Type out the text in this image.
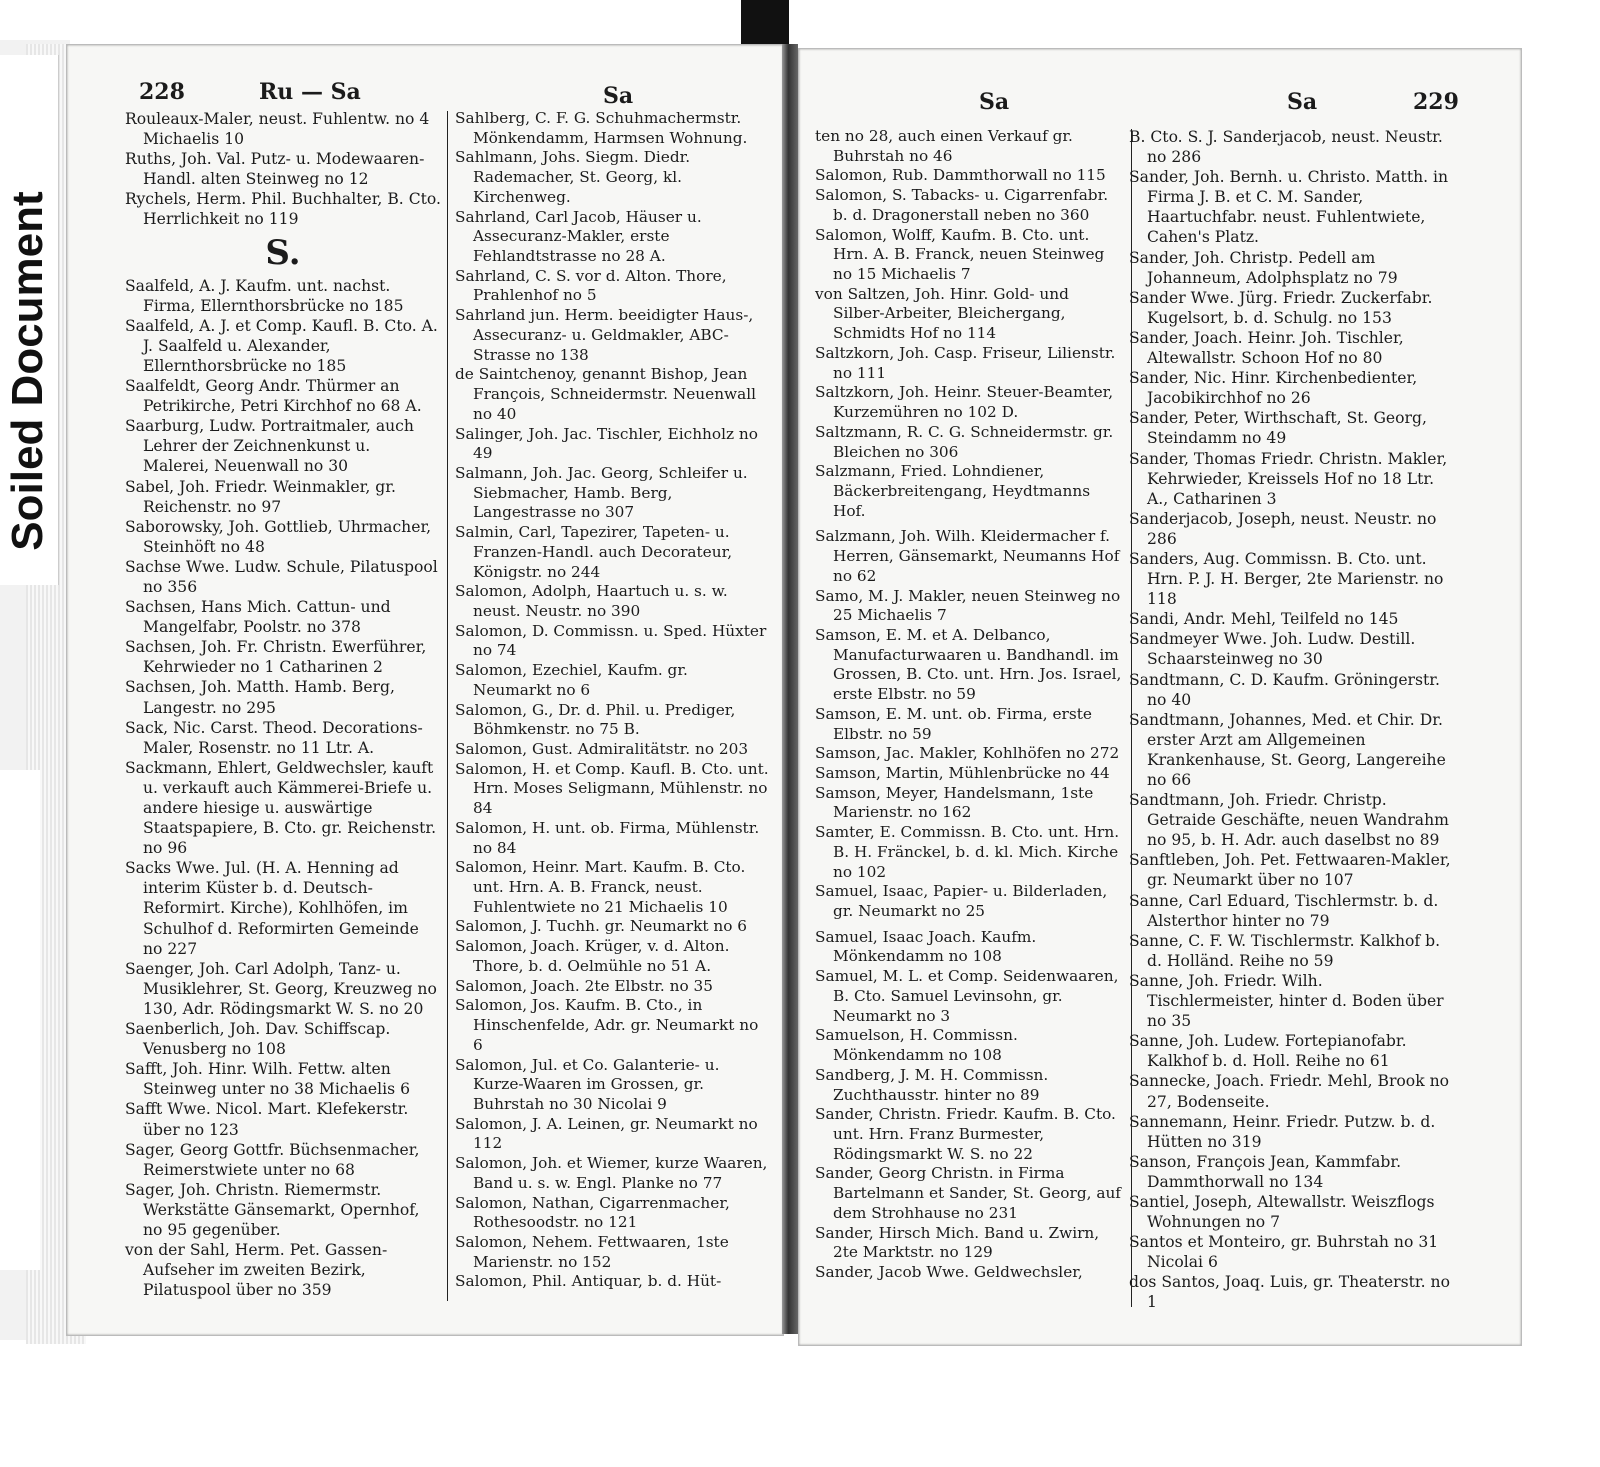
Soiled Document
228	Ru — Sa	Sa

Rouleaux-Maler, neust. Fuhlentw. no 4 Michaelis 10

Ruths, Joh. Val. Putz- u. Modewaaren-Handl. alten Steinweg no 12

Rychels, Herm. Phil. Buchhalter, B. Cto. Herrlichkeit no 119

S.

Saalfeld, A. J. Kaufm. unt. nachst. Firma, Ellernthorsbrücke no 185

Saalfeld, A. J. et Comp. Kaufl. B. Cto. A. J. Saalfeld u. Alexander, Ellernthorsbrücke no 185

Saalfeldt, Georg Andr. Thürmer an Petrikirche, Petri Kirchhof no 68 A.

Saarburg, Ludw. Portraitmaler, auch Lehrer der Zeichnenkunst u. Malerei, Neuenwall no 30

Sabel, Joh. Friedr. Weinmakler, gr. Reichenstr. no 97

Saborowsky, Joh. Gottlieb, Uhrmacher, Steinhöft no 48

Sachse Wwe. Ludw. Schule, Pilatuspool no 356

Sachsen, Hans Mich. Cattun- und Mangelfabr, Poolstr. no 378

Sachsen, Joh. Fr. Christn. Ewerführer, Kehrwieder no 1 Catharinen 2

Sachsen, Joh. Matth. Hamb. Berg, Langestr. no 295

Sack, Nic. Carst. Theod. Decorations-Maler, Rosenstr. no 11 Ltr. A.

Sackmann, Ehlert, Geldwechsler, kauft u. verkauft auch Kämmerei-Briefe u. andere hiesige u. auswärtige Staatspapiere, B. Cto. gr. Reichenstr. no 96

Sacks Wwe. Jul. (H. A. Henning ad interim Küster b. d. Deutsch-Reformirt. Kirche), Kohlhöfen, im Schulhof d. Reformirten Gemeinde no 227

Saenger, Joh. Carl Adolph, Tanz- u. Musiklehrer, St. Georg, Kreuzweg no 130, Adr. Rödingsmarkt W. S. no 20

Saenberlich, Joh. Dav. Schiffscap. Venusberg no 108

Safft, Joh. Hinr. Wilh. Fettw. alten Steinweg unter no 38 Michaelis 6

Safft Wwe. Nicol. Mart. Klefekerstr. über no 123

Sager, Georg Gottfr. Büchsenmacher, Reimerstwiete unter no 68

Sager, Joh. Christn. Riemermstr. Werkstätte Gänsemarkt, Opernhof, no 95 gegenüber.

von der Sahl, Herm. Pet. Gassen-Aufseher im zweiten Bezirk, Pilatuspool über no 359

Sahlberg, C. F. G. Schuhmachermstr. Mönkendamm, Harmsen Wohnung.

Sahlmann, Johs. Siegm. Diedr. Rademacher, St. Georg, kl. Kirchenweg.

Sahrland, Carl Jacob, Häuser u. Assecuranz-Makler, erste Fehlandtstrasse no 28 A.

Sahrland, C. S. vor d. Alton. Thore, Prahlenhof no 5

Sahrland jun. Herm. beeidigter Haus-, Assecuranz- u. Geldmakler, ABC-Strasse no 138

de Saintchenoy, genannt Bishop, Jean François, Schneidermstr. Neuenwall no 40

Salinger, Joh. Jac. Tischler, Eichholz no 49

Salmann, Joh. Jac. Georg, Schleifer u. Siebmacher, Hamb. Berg, Langestrasse no 307

Salmin, Carl, Tapezirer, Tapeten- u. Franzen-Handl. auch Decorateur, Königstr. no 244

Salomon, Adolph, Haartuch u. s. w. neust. Neustr. no 390

Salomon, D. Commissn. u. Sped. Hüxter no 74

Salomon, Ezechiel, Kaufm. gr. Neumarkt no 6

Salomon, G., Dr. d. Phil. u. Prediger, Böhmkenstr. no 75 B.

Salomon, Gust. Admiralitätstr. no 203

Salomon, H. et Comp. Kaufl. B. Cto. unt. Hrn. Moses Seligmann, Mühlenstr. no 84

Salomon, H. unt. ob. Firma, Mühlenstr. no 84

Salomon, Heinr. Mart. Kaufm. B. Cto. unt. Hrn. A. B. Franck, neust. Fuhlentwiete no 21 Michaelis 10

Salomon, J. Tuchh. gr. Neumarkt no 6

Salomon, Joach. Krüger, v. d. Alton. Thore, b. d. Oelmühle no 51 A.

Salomon, Joach. 2te Elbstr. no 35

Salomon, Jos. Kaufm. B. Cto., in Hinschenfelde, Adr. gr. Neumarkt no 6

Salomon, Jul. et Co. Galanterie- u. Kurze-Waaren im Grossen, gr. Buhrstah no 30 Nicolai 9

Salomon, J. A. Leinen, gr. Neumarkt no 112

Salomon, Joh. et Wiemer, kurze Waaren, Band u. s. w. Engl. Planke no 77

Salomon, Nathan, Cigarrenmacher, Rothesoodstr. no 121

Salomon, Nehem. Fettwaaren, 1ste Marienstr. no 152

Salomon, Phil. Antiquar, b. d. Hüt-

Sa	Sa	229

ten no 28, auch einen Verkauf gr. Buhrstah no 46

Salomon, Rub. Dammthorwall no 115

Salomon, S. Tabacks- u. Cigarrenfabr. b. d. Dragonerstall neben no 360

Salomon, Wolff, Kaufm. B. Cto. unt. Hrn. A. B. Franck, neuen Steinweg no 15 Michaelis 7

von Saltzen, Joh. Hinr. Gold- und Silber-Arbeiter, Bleichergang, Schmidts Hof no 114

Saltzkorn, Joh. Casp. Friseur, Lilienstr. no 111

Saltzkorn, Joh. Heinr. Steuer-Beamter, Kurzemühren no 102 D.

Saltzmann, R. C. G. Schneidermstr. gr. Bleichen no 306

Salzmann, Fried. Lohndiener, Bäckerbreitengang, Heydtmanns Hof.

Salzmann, Joh. Wilh. Kleidermacher f. Herren, Gänsemarkt, Neumanns Hof no 62

Samo, M. J. Makler, neuen Steinweg no 25 Michaelis 7

Samson, E. M. et A. Delbanco, Manufacturwaaren u. Bandhandl. im Grossen, B. Cto. unt. Hrn. Jos. Israel, erste Elbstr. no 59

Samson, E. M. unt. ob. Firma, erste Elbstr. no 59

Samson, Jac. Makler, Kohlhöfen no 272

Samson, Martin, Mühlenbrücke no 44

Samson, Meyer, Handelsmann, 1ste Marienstr. no 162

Samter, E. Commissn. B. Cto. unt. Hrn. B. H. Fränckel, b. d. kl. Mich. Kirche no 102

Samuel, Isaac, Papier- u. Bilderladen, gr. Neumarkt no 25

Samuel, Isaac Joach. Kaufm. Mönkendamm no 108

Samuel, M. L. et Comp. Seidenwaaren, B. Cto. Samuel Levinsohn, gr. Neumarkt no 3

Samuelson, H. Commissn. Mönkendamm no 108

Sandberg, J. M. H. Commissn. Zuchthausstr. hinter no 89

Sander, Christn. Friedr. Kaufm. B. Cto. unt. Hrn. Franz Burmester, Rödingsmarkt W. S. no 22

Sander, Georg Christn. in Firma Bartelmann et Sander, St. Georg, auf dem Strohhause no 231

Sander, Hirsch Mich. Band u. Zwirn, 2te Marktstr. no 129

Sander, Jacob Wwe. Geldwechsler,

B. Cto. S. J. Sanderjacob, neust. Neustr. no 286

Sander, Joh. Bernh. u. Christo. Matth. in Firma J. B. et C. M. Sander, Haartuchfabr. neust. Fuhlentwiete, Cahen's Platz.

Sander, Joh. Christp. Pedell am Johanneum, Adolphsplatz no 79

Sander Wwe. Jürg. Friedr. Zuckerfabr. Kugelsort, b. d. Schulg. no 153

Sander, Joach. Heinr. Joh. Tischler, Altewallstr. Schoon Hof no 80

Sander, Nic. Hinr. Kirchenbedienter, Jacobikirchhof no 26

Sander, Peter, Wirthschaft, St. Georg, Steindamm no 49

Sander, Thomas Friedr. Christn. Makler, Kehrwieder, Kreissels Hof no 18 Ltr. A., Catharinen 3

Sanderjacob, Joseph, neust. Neustr. no 286

Sanders, Aug. Commissn. B. Cto. unt. Hrn. P. J. H. Berger, 2te Marienstr. no 118

Sandi, Andr. Mehl, Teilfeld no 145

Sandmeyer Wwe. Joh. Ludw. Destill. Schaarsteinweg no 30

Sandtmann, C. D. Kaufm. Gröningerstr. no 40

Sandtmann, Johannes, Med. et Chir. Dr. erster Arzt am Allgemeinen Krankenhause, St. Georg, Langereihe no 66

Sandtmann, Joh. Friedr. Christp. Getraide Geschäfte, neuen Wandrahm no 95, b. H. Adr. auch daselbst no 89

Sanftleben, Joh. Pet. Fettwaaren-Makler, gr. Neumarkt über no 107

Sanne, Carl Eduard, Tischlermstr. b. d. Alsterthor hinter no 79

Sanne, C. F. W. Tischlermstr. Kalkhof b. d. Holländ. Reihe no 59

Sanne, Joh. Friedr. Wilh. Tischlermeister, hinter d. Boden über no 35

Sanne, Joh. Ludew. Fortepianofabr. Kalkhof b. d. Holl. Reihe no 61

Sannecke, Joach. Friedr. Mehl, Brook no 27, Bodenseite.

Sannemann, Heinr. Friedr. Putzw. b. d. Hütten no 319

Sanson, François Jean, Kammfabr. Dammthorwall no 134

Santiel, Joseph, Altewallstr. Weiszflogs Wohnungen no 7

Santos et Monteiro, gr. Buhrstah no 31 Nicolai 6

dos Santos, Joaq. Luis, gr. Theaterstr. no 1
